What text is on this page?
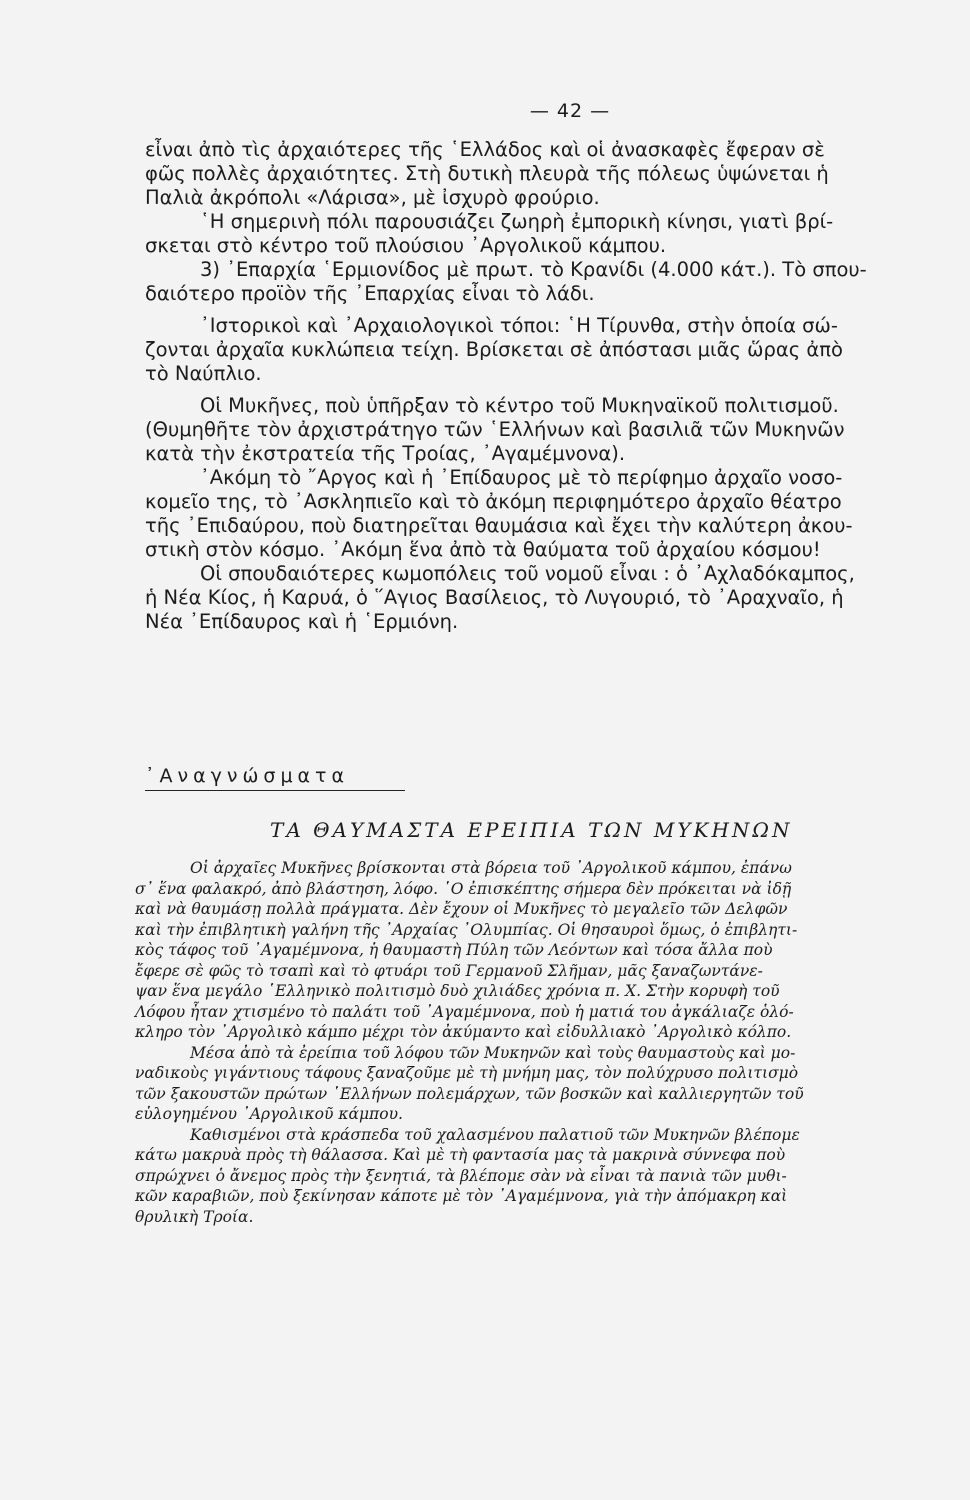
— 42 —
εἶναι ἀπὸ τὶς ἀρχαιότερες τῆς ῾Ελλάδος καὶ οἱ ἀνασκαφὲς ἔφεραν σὲ
φῶς πολλὲς ἀρχαιότητες. Στὴ δυτικὴ πλευρὰ τῆς πόλεως ὑψώνεται ἡ
Παλιὰ ἀκρόπολι «Λάρισα», μὲ ἰσχυρὸ φρούριο.
῾Η σημερινὴ πόλι παρουσιάζει ζωηρὴ ἐμπορικὴ κίνησι, γιατὶ βρί-
σκεται στὸ κέντρο τοῦ πλούσιου ᾿Αργολικοῦ κάμπου.
3) ᾿Επαρχία ῾Ερμιονίδος μὲ πρωτ. τὸ Κρανίδι (4.000 κάτ.). Τὸ σπου-
δαιότερο προϊὸν τῆς ᾿Επαρχίας εἶναι τὸ λάδι.
᾿Ιστορικοὶ καὶ ᾿Αρχαιολογικοὶ τόποι: ῾Η Τίρυνθα, στὴν ὁποία σώ-
ζονται ἀρχαῖα κυκλώπεια τείχη. Βρίσκεται σὲ ἀπόστασι μιᾶς ὥρας ἀπὸ
τὸ Ναύπλιο.
Οἱ Μυκῆνες, ποὺ ὑπῆρξαν τὸ κέντρο τοῦ Μυκηναϊκοῦ πολιτισμοῦ.
(Θυμηθῆτε τὸν ἀρχιστράτηγο τῶν ῾Ελλήνων καὶ βασιλιᾶ τῶν Μυκηνῶν
κατὰ τὴν ἐκστρατεία τῆς Τροίας, ᾿Αγαμέμνονα).
᾿Ακόμη τὸ ῎Αργος καὶ ἡ ᾿Επίδαυρος μὲ τὸ περίφημο ἀρχαῖο νοσο-
κομεῖο της, τὸ ᾿Ασκληπιεῖο καὶ τὸ ἀκόμη περιφημότερο ἀρχαῖο θέατρο
τῆς ᾿Επιδαύρου, ποὺ διατηρεῖται θαυμάσια καὶ ἔχει τὴν καλύτερη ἀκου-
στικὴ στὸν κόσμο. ᾿Ακόμη ἕνα ἀπὸ τὰ θαύματα τοῦ ἀρχαίου κόσμου!
Οἱ σπουδαιότερες κωμοπόλεις τοῦ νομοῦ εἶναι : ὁ ᾿Αχλαδόκαμπος,
ἡ Νέα Κίος, ἡ Καρυά, ὁ ῞Αγιος Βασίλειος, τὸ Λυγουριό, τὸ ᾿Αραχναῖο, ἡ
Νέα ᾿Επίδαυρος καὶ ἡ ῾Ερμιόνη.
᾿Αναγνώσματα
ΤΑ ΘΑΥΜΑΣΤΑ ΕΡΕΙΠΙΑ ΤΩΝ ΜΥΚΗΝΩΝ
Οἱ ἀρχαῖες Μυκῆνες βρίσκονται στὰ βόρεια τοῦ ᾿Αργολικοῦ κάμπου, ἐπάνω
σ᾿ ἕνα φαλακρό, ἀπὸ βλάστηση, λόφο. ῾Ο ἐπισκέπτης σήμερα δὲν πρόκειται νὰ ἰδῇ
καὶ νὰ θαυμάσῃ πολλὰ πράγματα. Δὲν ἔχουν οἱ Μυκῆνες τὸ μεγαλεῖο τῶν Δελφῶν
καὶ τὴν ἐπιβλητικὴ γαλήνη τῆς ᾿Αρχαίας ᾿Ολυμπίας. Οἱ θησαυροὶ ὅμως, ὁ ἐπιβλητι-
κὸς τάφος τοῦ ᾿Αγαμέμνονα, ἡ θαυμαστὴ Πύλη τῶν Λεόντων καὶ τόσα ἄλλα ποὺ
ἔφερε σὲ φῶς τὸ τσαπὶ καὶ τὸ φτυάρι τοῦ Γερμανοῦ Σλῆμαν, μᾶς ξαναζωντάνε-
ψαν ἕνα μεγάλο ῾Ελληνικὸ πολιτισμὸ δυὸ χιλιάδες χρόνια π. Χ. Στὴν κορυφὴ τοῦ
Λόφου ἦταν χτισμένο τὸ παλάτι τοῦ ᾿Αγαμέμνονα, ποὺ ἡ ματιά του ἀγκάλιαζε ὁλό-
κληρο τὸν ᾿Αργολικὸ κάμπο μέχρι τὸν ἀκύμαντο καὶ εἰδυλλιακὸ ᾿Αργολικὸ κόλπο.
Μέσα ἀπὸ τὰ ἐρείπια τοῦ λόφου τῶν Μυκηνῶν καὶ τοὺς θαυμαστοὺς καὶ μο-
ναδικοὺς γιγάντιους τάφους ξαναζοῦμε μὲ τὴ μνήμη μας, τὸν πολύχρυσο πολιτισμὸ
τῶν ξακουστῶν πρώτων ῾Ελλήνων πολεμάρχων, τῶν βοσκῶν καὶ καλλιεργητῶν τοῦ
εὐλογημένου ᾿Αργολικοῦ κάμπου.
Καθισμένοι στὰ κράσπεδα τοῦ χαλασμένου παλατιοῦ τῶν Μυκηνῶν βλέπομε
κάτω μακρυὰ πρὸς τὴ θάλασσα. Καὶ μὲ τὴ φαντασία μας τὰ μακρινὰ σύννεφα ποὺ
σπρώχνει ὁ ἄνεμος πρὸς τὴν ξενητιά, τὰ βλέπομε σὰν νὰ εἶναι τὰ πανιὰ τῶν μυθι-
κῶν καραβιῶν, ποὺ ξεκίνησαν κάποτε μὲ τὸν ᾿Αγαμέμνονα, γιὰ τὴν ἀπόμακρη καὶ
θρυλικὴ Τροία.
